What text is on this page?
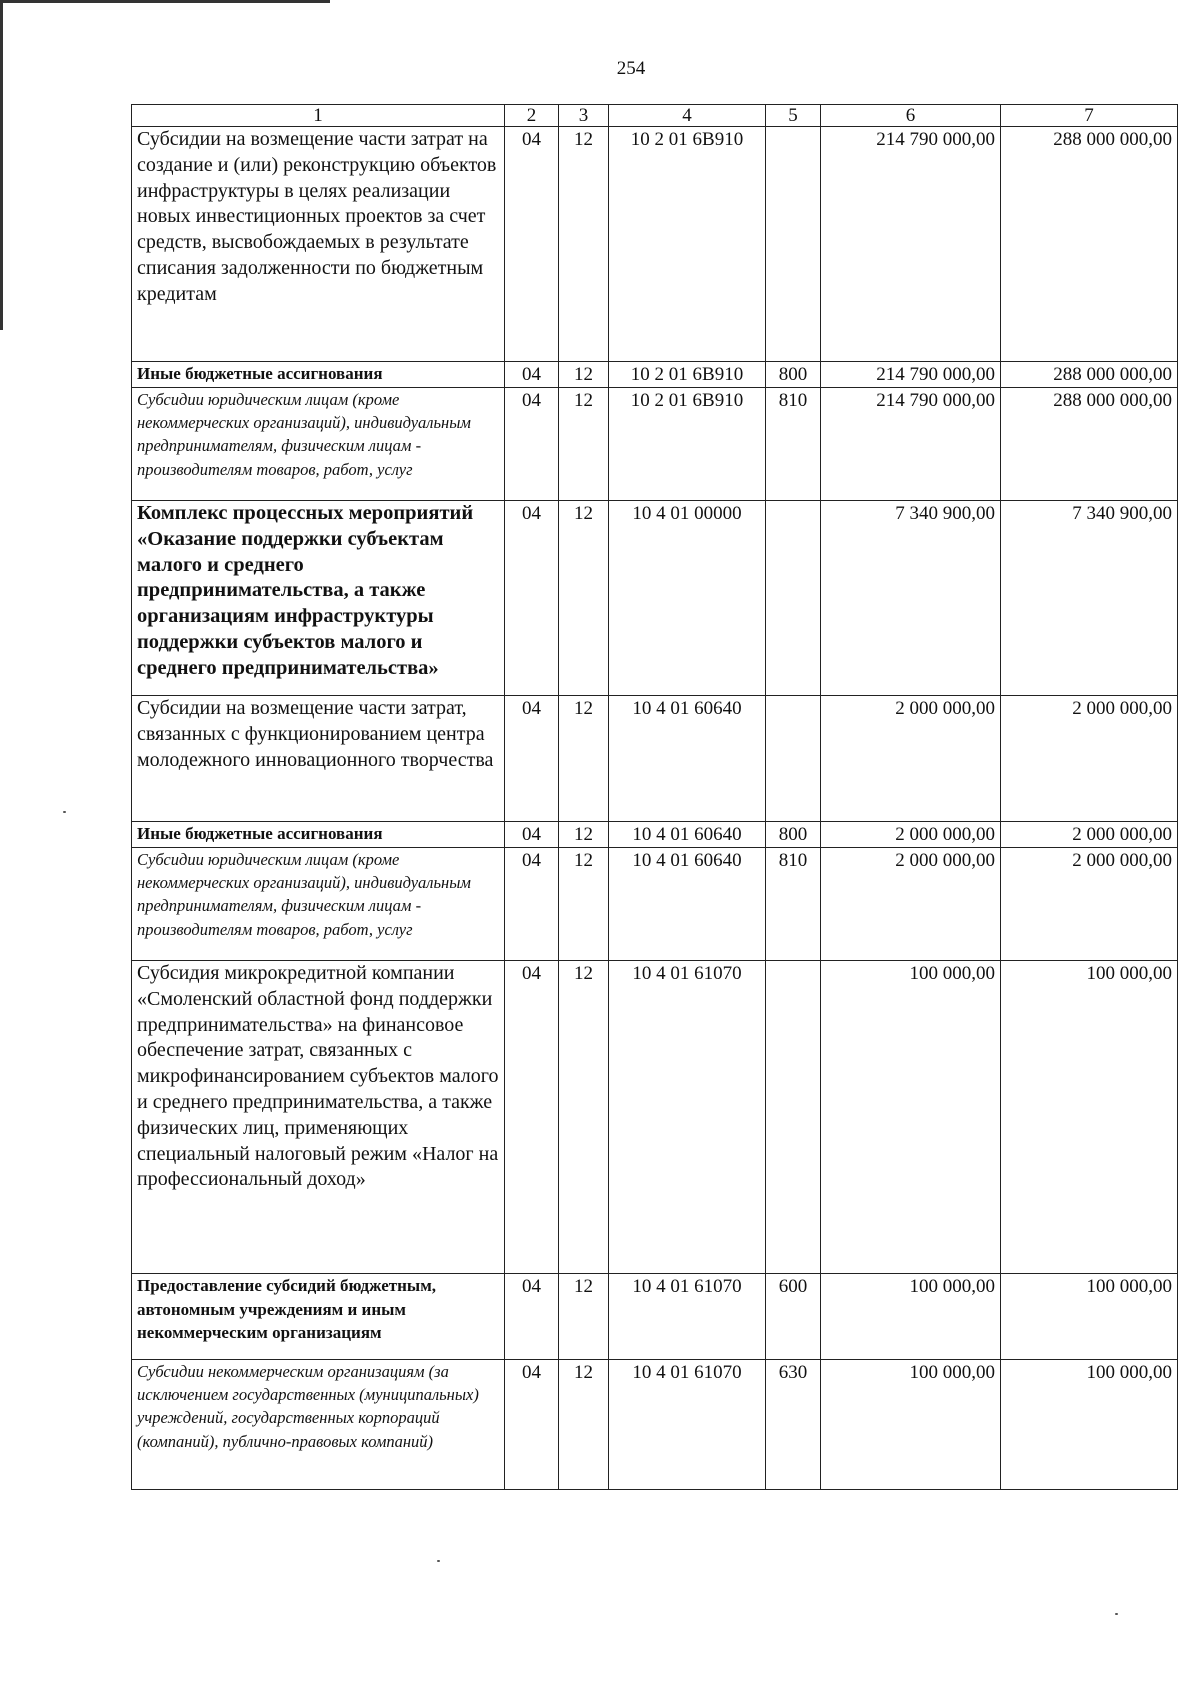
254
1	2	3	4	5	6	7
Субсидии на возмещение части затрат на создание и (или) реконструкцию объектов инфраструктуры в целях реализации новых инвестиционных проектов за счет средств, высвобождаемых в результате списания задолженности по бюджетным кредитам	04	12	10 2 01 6В910		214 790 000,00	288 000 000,00
Иные бюджетные ассигнования	04	12	10 2 01 6В910	800	214 790 000,00	288 000 000,00
Субсидии юридическим лицам (кроме некоммерческих организаций), индивидуальным предпринимателям, физическим лицам - производителям товаров, работ, услуг	04	12	10 2 01 6В910	810	214 790 000,00	288 000 000,00
Комплекс процессных мероприятий «Оказание поддержки субъектам малого и среднего предпринимательства, а также организациям инфраструктуры поддержки субъектов малого и среднего предпринимательства»	04	12	10 4 01 00000		7 340 900,00	7 340 900,00
Субсидии на возмещение части затрат, связанных с функционированием центра молодежного инновационного творчества	04	12	10 4 01 60640		2 000 000,00	2 000 000,00
Иные бюджетные ассигнования	04	12	10 4 01 60640	800	2 000 000,00	2 000 000,00
Субсидии юридическим лицам (кроме некоммерческих организаций), индивидуальным предпринимателям, физическим лицам - производителям товаров, работ, услуг	04	12	10 4 01 60640	810	2 000 000,00	2 000 000,00
Субсидия микрокредитной компании «Смоленский областной фонд поддержки предпринимательства» на финансовое обеспечение затрат, связанных с микрофинансированием субъектов малого и среднего предпринимательства, а также физических лиц, применяющих специальный налоговый режим «Налог на профессиональный доход»	04	12	10 4 01 61070		100 000,00	100 000,00
Предоставление субсидий бюджетным, автономным учреждениям и иным некоммерческим организациям	04	12	10 4 01 61070	600	100 000,00	100 000,00
Субсидии некоммерческим организациям (за исключением государственных (муниципальных) учреждений, государственных корпораций (компаний), публично-правовых компаний)	04	12	10 4 01 61070	630	100 000,00	100 000,00
